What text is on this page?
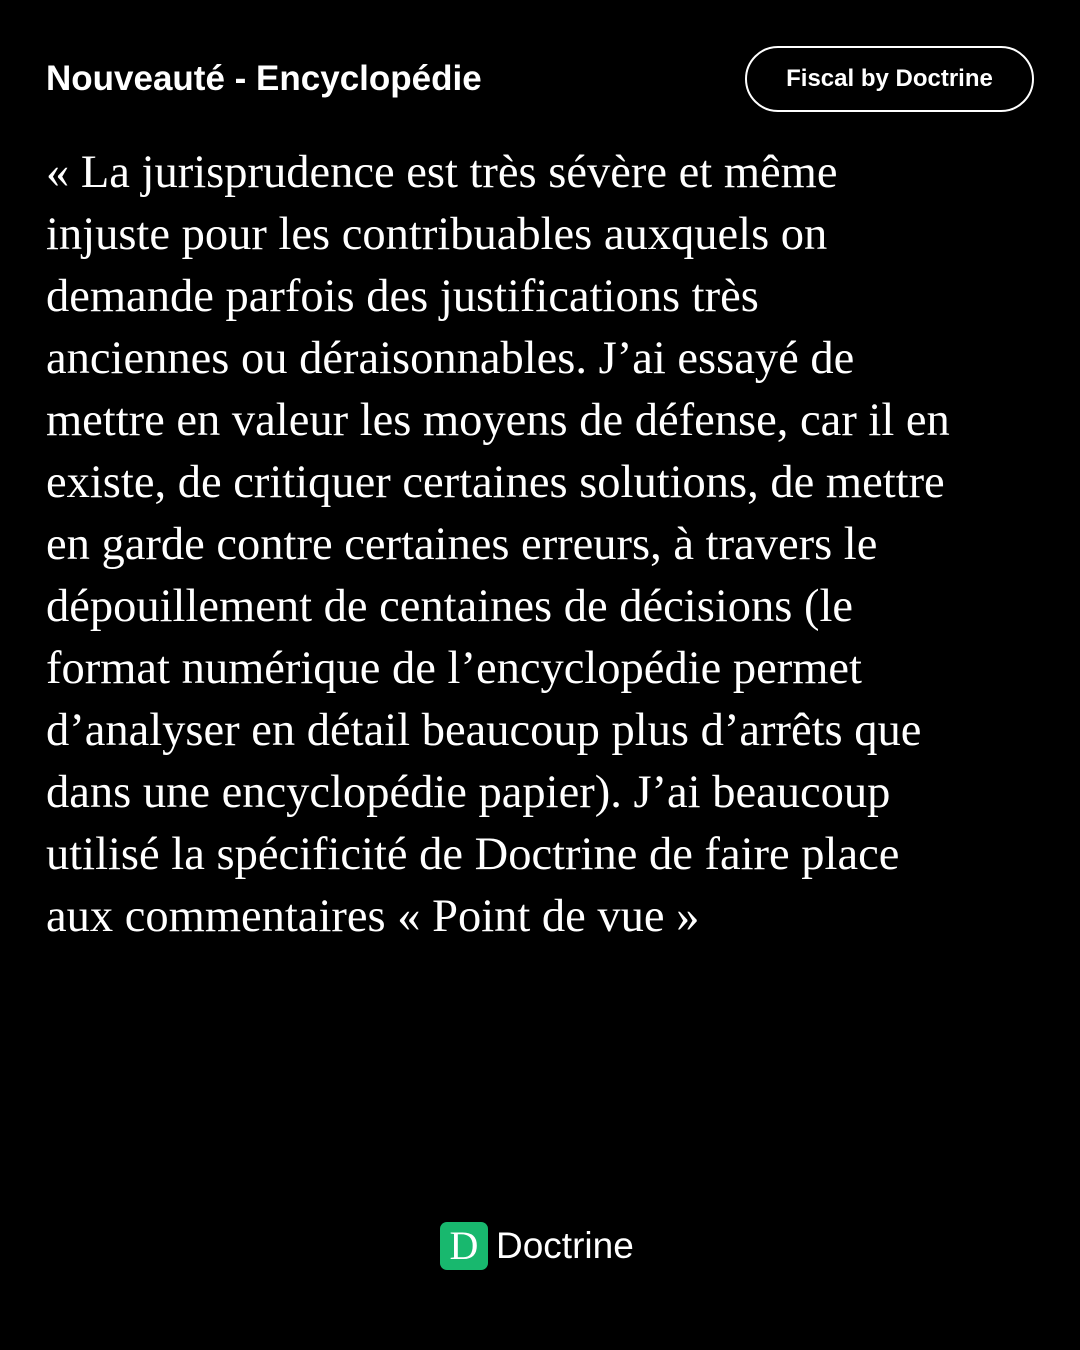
Nouveauté - Encyclopédie	Fiscal by Doctrine

« La jurisprudence est très sévère et même
injuste pour les contribuables auxquels on
demande parfois des justifications très
anciennes ou déraisonnables. J’ai essayé de
mettre en valeur les moyens de défense, car il en
existe, de critiquer certaines solutions, de mettre
en garde contre certaines erreurs, à travers le
dépouillement de centaines de décisions (le
format numérique de l’encyclopédie permet
d’analyser en détail beaucoup plus d’arrêts que
dans une encyclopédie papier). J’ai beaucoup
utilisé la spécificité de Doctrine de faire place
aux commentaires « Point de vue »

D Doctrine
